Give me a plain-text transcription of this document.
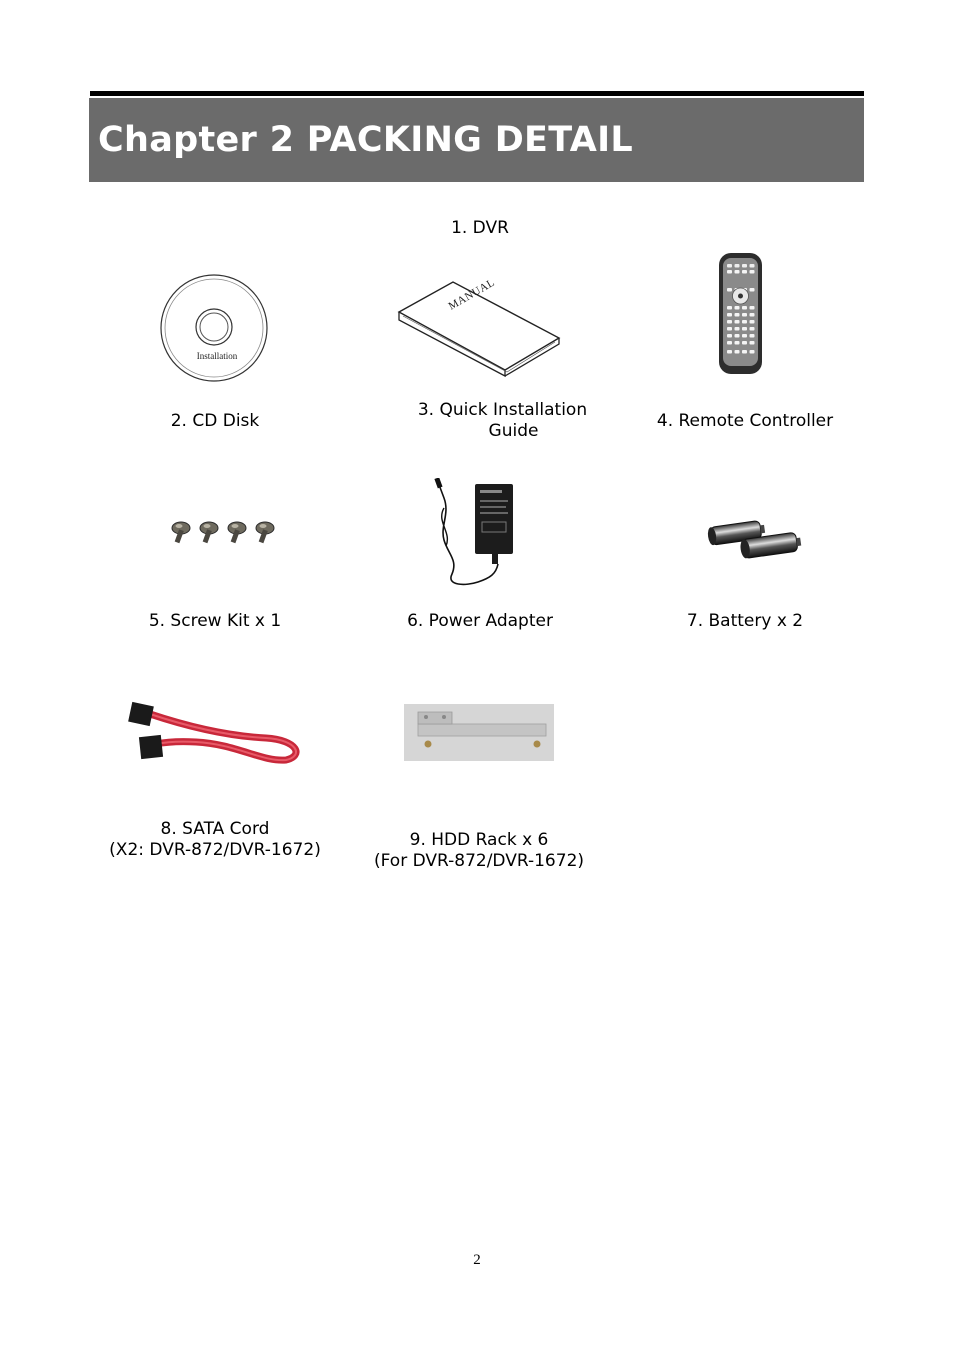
Chapter 2 PACKING DETAIL
1. DVR
Installation
2. CD Disk
MANUAL
3. Quick Installation
Guide	4. Remote Controller
5. Screw Kit x 1	6. Power Adapter	7. Battery x 2
8. SATA Cord
(X2: DVR-872/DVR-1672)	9. HDD Rack x 6
(For DVR-872/DVR-1672)
2
